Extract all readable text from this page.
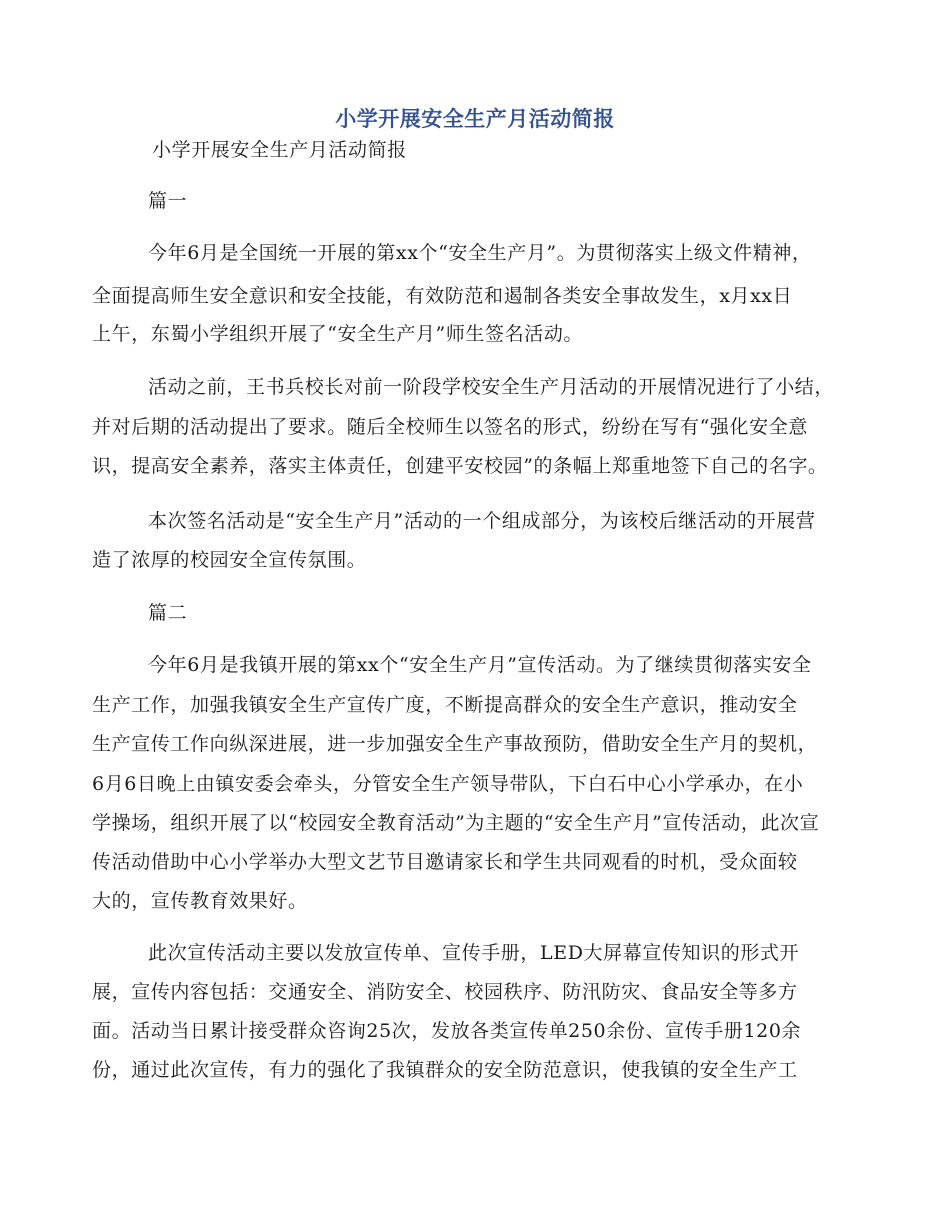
小学开展安全生产月活动简报
小学开展安全生产月活动简报
篇一
今年6月是全国统一开展的第xx个“安全生产月”。为贯彻落实上级文件精神，
全面提高师生安全意识和安全技能，有效防范和遏制各类安全事故发生，x月xx日
上午，东蜀小学组织开展了“安全生产月”师生签名活动。
活动之前，王书兵校长对前一阶段学校安全生产月活动的开展情况进行了小结，
并对后期的活动提出了要求。随后全校师生以签名的形式，纷纷在写有“强化安全意
识，提高安全素养，落实主体责任，创建平安校园”的条幅上郑重地签下自己的名字。
本次签名活动是“安全生产月”活动的一个组成部分，为该校后继活动的开展营
造了浓厚的校园安全宣传氛围。
篇二
今年6月是我镇开展的第xx个“安全生产月”宣传活动。为了继续贯彻落实安全
生产工作，加强我镇安全生产宣传广度，不断提高群众的安全生产意识，推动安全
生产宣传工作向纵深进展，进一步加强安全生产事故预防，借助安全生产月的契机，
6月6日晚上由镇安委会牵头，分管安全生产领导带队，下白石中心小学承办，在小
学操场，组织开展了以“校园安全教育活动”为主题的“安全生产月”宣传活动，此次宣
传活动借助中心小学举办大型文艺节目邀请家长和学生共同观看的时机，受众面较
大的，宣传教育效果好。
此次宣传活动主要以发放宣传单、宣传手册，LED大屏幕宣传知识的形式开
展，宣传内容包括：交通安全、消防安全、校园秩序、防汛防灾、食品安全等多方
面。活动当日累计接受群众咨询25次，发放各类宣传单250余份、宣传手册120余
份，通过此次宣传，有力的强化了我镇群众的安全防范意识，使我镇的安全生产工
